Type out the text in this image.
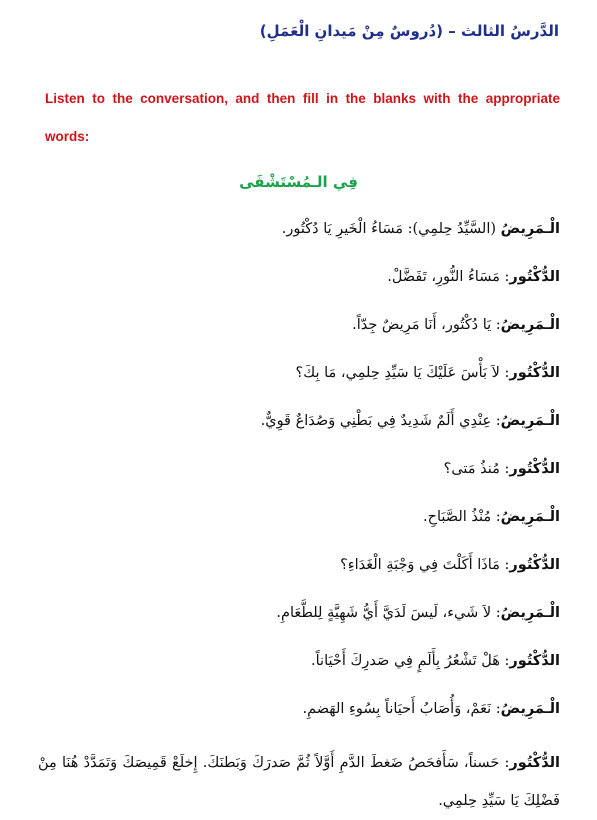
الدَّرسُ الثالث – (دُروسٌ مِنْ مَيدانِ الْعَمَلِ)
Listen to the conversation, and then fill in the blanks with the appropriate words:
فِي الـمُسْتَشْفَى
الْـمَرِيضُ (السَّيِّدُ حِلمِي): مَسَاءُ الْخَيرِ يَا دُكْتُور.
الدُّكْتُور: مَسَاءُ النُّورِ، تَفَضَّلْ.
الْـمَرِيضُ: يَا دُكْتُور، أَنَا مَرِيضٌ جِدّاً.
الدُّكْتُور: لاَ بَأْسَ عَلَيْكَ يَا سَيِّدِ حِلمِي، مَا بِكَ؟
الْـمَرِيضُ: عِنْدِي أَلَمٌ شَدِيدٌ فِي بَطْنِي وَصُدَاعٌ قَوِيٌّ.
الدُّكْتُور: مُنذُ مَتى؟
الْـمَرِيضُ: مُنْذُ الصَّبَاحِ.
الدُّكْتُور: مَاذَا أَكَلْتَ فِي وَجْبَةِ الْغَدَاءِ؟
الْـمَرِيضُ: لاَ شَيء، لَيسَ لَدَيَّ أَيُّ شَهِيَّةٍ لِلطَّعَامِ.
الدُّكْتُور: هَلْ تَشْعُرُ بِأَلَمٍ فِي صَدرِكَ أَحْيَاناً.
الْـمَرِيضُ: نَعَمْ، وَأُصَابُ أَحيَاناً بِسُوءِ الهَضمِ.
الدُّكْتُور: حَسناً، سَأَفحَصُ ضَغطَ الدَّمِ أَوَّلاً ثُمَّ صَدرَكَ وَبَطنَكَ. إِخلَعْ قَمِيصَكَ وَتَمَدَّدْ هُنَا مِنْ فَضْلِكَ يَا سَيِّدِ حِلمِي.
